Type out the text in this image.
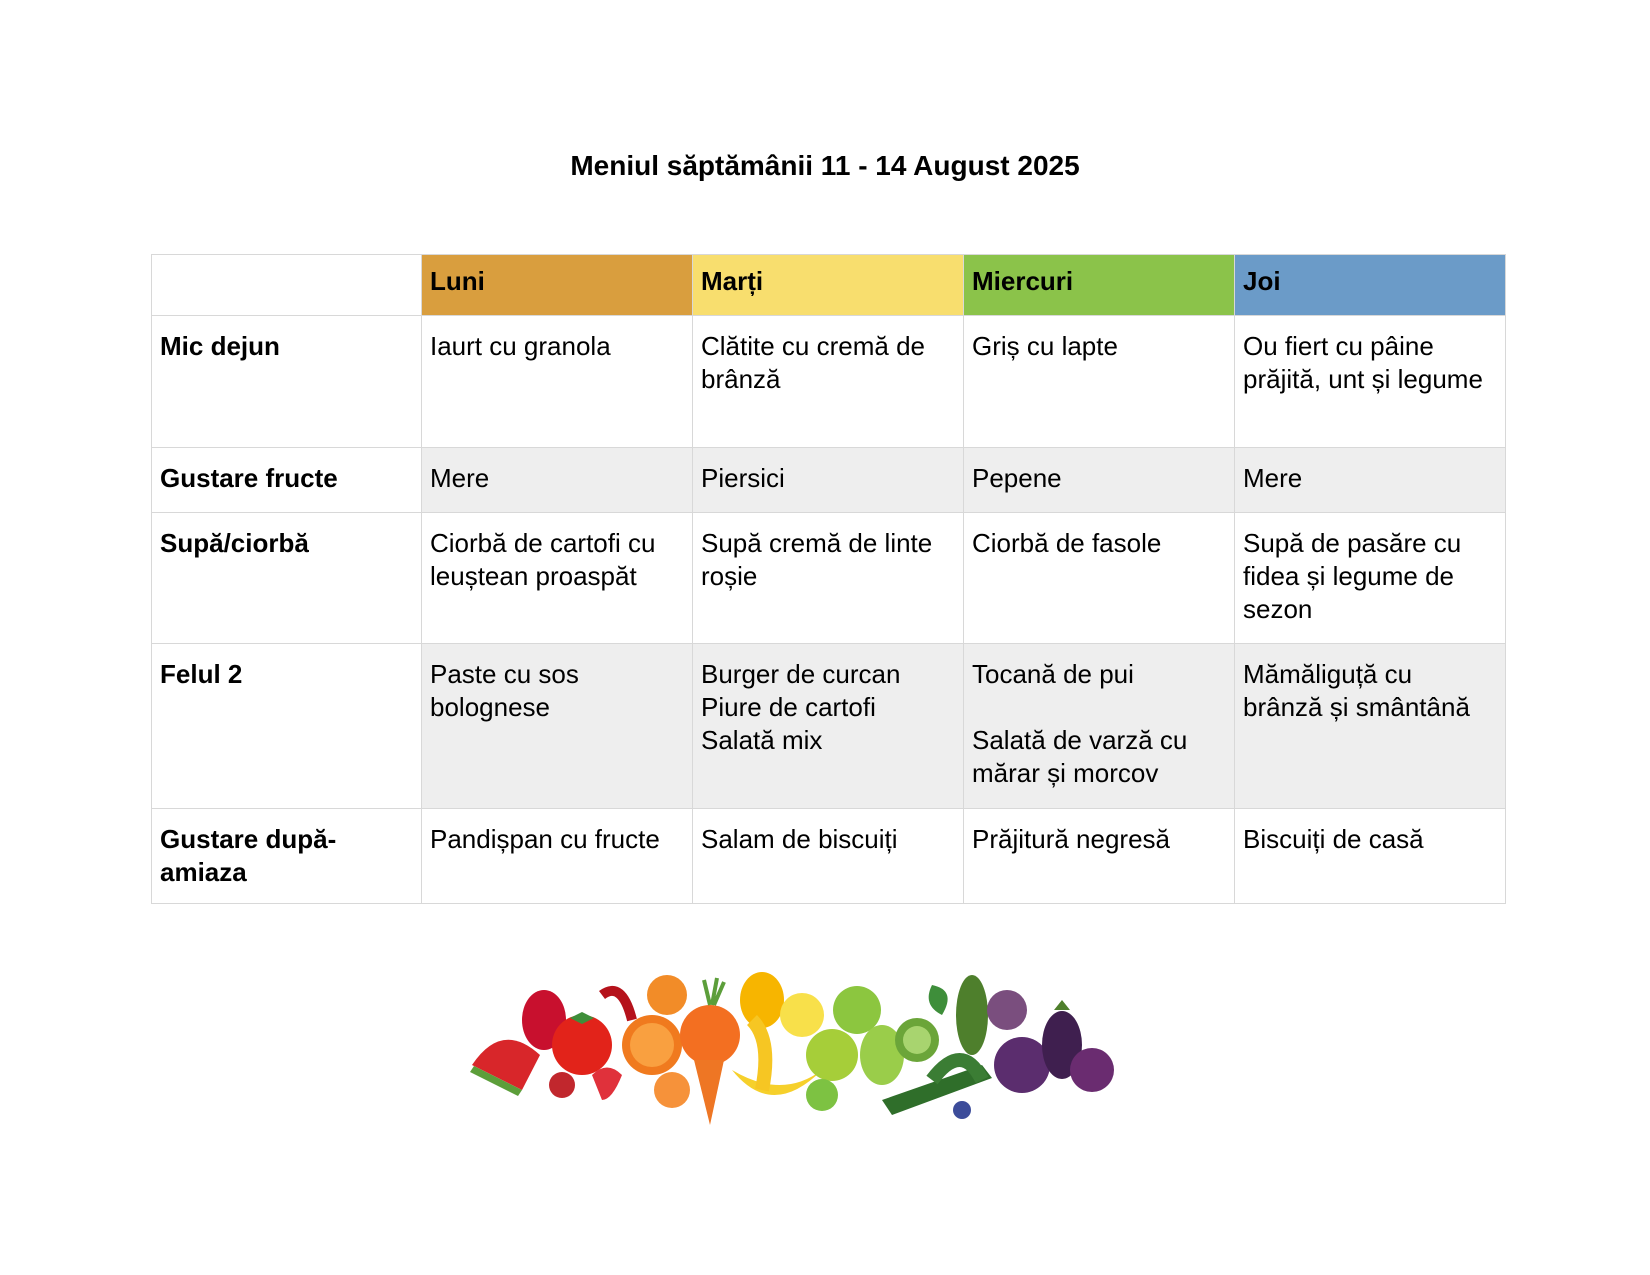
Meniul săptămânii 11 - 14 August 2025
	Luni	Marți	Miercuri	Joi

Mic dejun	Iaurt cu granola	Clătite cu cremă de
brânză	Griș cu lapte	Ou fiert cu pâine
prăjită, unt și legume

Gustare fructe	Mere	Piersici	Pepene	Mere

Supă/ciorbă	Ciorbă de cartofi cu
leuștean proaspăt	Supă cremă de linte
roșie	Ciorbă de fasole	Supă de pasăre cu
fidea și legume de
sezon

Felul 2	Paste cu sos
bolognese	Burger de curcan
Piure de cartofi
Salată mix	Tocană de pui
Salată de varză cu
mărar și morcov	Mămăliguță cu
brânză și smântână

Gustare după-
amiaza	Pandișpan cu fructe	Salam de biscuiți	Prăjitură negresă	Biscuiți de casă
